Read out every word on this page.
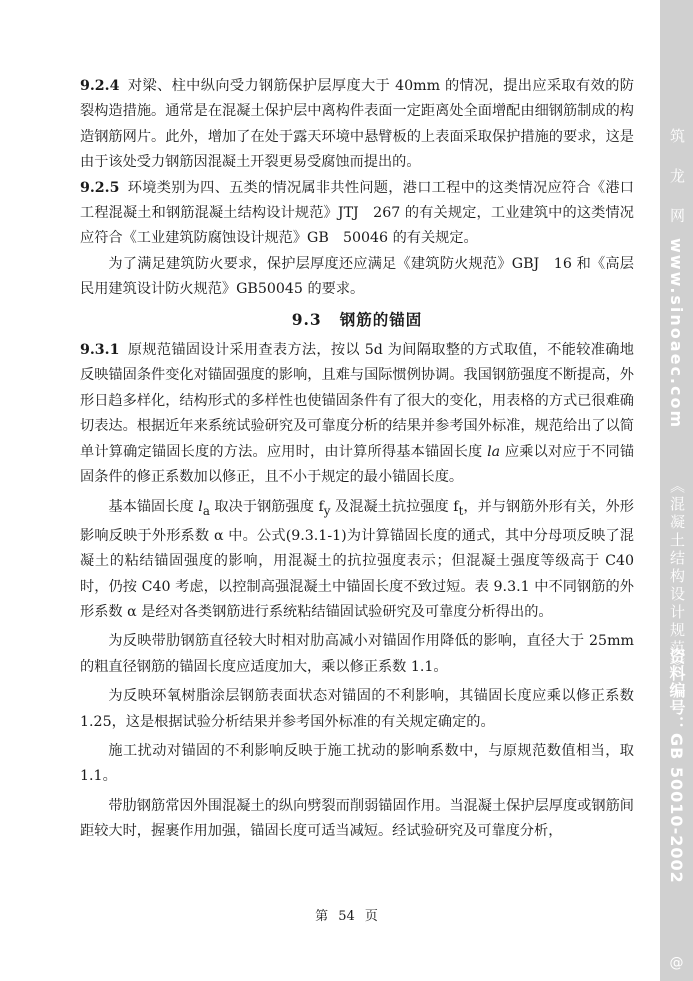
9.2.4 对梁、柱中纵向受力钢筋保护层厚度大于 40mm 的情况，提出应采取有效的防裂构造措施。通常是在混凝土保护层中离构件表面一定距离处全面增配由细钢筋制成的构造钢筋网片。此外，增加了在处于露天环境中悬臂板的上表面采取保护措施的要求，这是由于该处受力钢筋因混凝土开裂更易受腐蚀而提出的。

9.2.5 环境类别为四、五类的情况属非共性问题，港口工程中的这类情况应符合《港口工程混凝土和钢筋混凝土结构设计规范》JTJ　267 的有关规定，工业建筑中的这类情况应符合《工业建筑防腐蚀设计规范》GB　50046 的有关规定。

为了满足建筑防火要求，保护层厚度还应满足《建筑防火规范》GBJ　16 和《高层民用建筑设计防火规范》GB50045 的要求。

9.3 钢筋的锚固

9.3.1 原规范锚固设计采用查表方法，按以 5d 为间隔取整的方式取值，不能较准确地反映锚固条件变化对锚固强度的影响，且难与国际惯例协调。我国钢筋强度不断提高，外形日趋多样化，结构形式的多样性也使锚固条件有了很大的变化，用表格的方式已很难确切表达。根据近年来系统试验研究及可靠度分析的结果并参考国外标准，规范给出了以简单计算确定锚固长度的方法。应用时，由计算所得基本锚固长度 la 应乘以对应于不同锚固条件的修正系数加以修正，且不小于规定的最小锚固长度。

基本锚固长度 $l_a$ 取决于钢筋强度 $f_y$ 及混凝土抗拉强度 $f_t$，并与钢筋外形有关，外形影响反映于外形系数 α 中。公式(9.3.1-1)为计算锚固长度的通式，其中分母项反映了混凝土的粘结锚固强度的影响，用混凝土的抗拉强度表示；但混凝土强度等级高于 C40 时，仍按 C40 考虑，以控制高强混凝土中锚固长度不致过短。表 9.3.1 中不同钢筋的外形系数 α 是经对各类钢筋进行系统粘结锚固试验研究及可靠度分析得出的。

为反映带肋钢筋直径较大时相对肋高减小对锚固作用降低的影响，直径大于 25mm 的粗直径钢筋的锚固长度应适度加大，乘以修正系数 1.1。

为反映环氧树脂涂层钢筋表面状态对锚固的不利影响，其锚固长度应乘以修正系数 1.25，这是根据试验分析结果并参考国外标准的有关规定确定的。

施工扰动对锚固的不利影响反映于施工扰动的影响系数中，与原规范数值相当，取 1.1。

带肋钢筋常因外围混凝土的纵向劈裂而削弱锚固作用。当混凝土保护层厚度或钢筋间距较大时，握裹作用加强，锚固长度可适当减短。经试验研究及可靠度分析，

第 54 页
筑 龙 网
www.sinoaec.com
《混凝土结构设计规范》
资料编号：GB 50010-2002
@
